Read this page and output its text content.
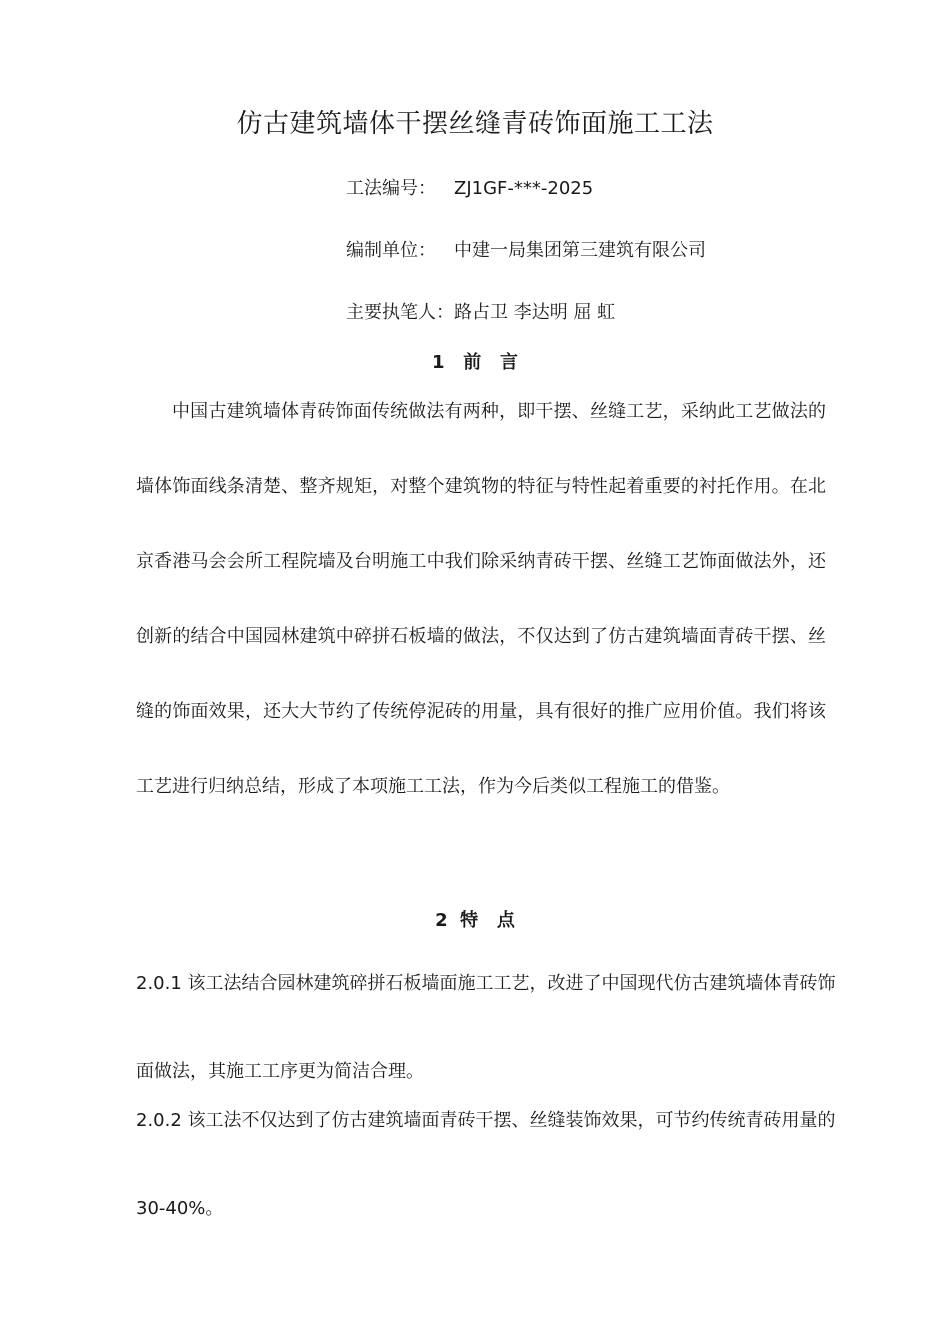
仿古建筑墙体干摆丝缝青砖饰面施工工法
工法编号： ZJ1GF-***-2025
编制单位： 中建一局集团第三建筑有限公司
主要执笔人：路占卫 李达明 屈 虹
1   前   言

中国古建筑墙体青砖饰面传统做法有两种，即干摆、丝缝工艺，采纳此工艺做法的墙体饰面线条清楚、整齐规矩，对整个建筑物的特征与特性起着重要的衬托作用。在北京香港马会会所工程院墙及台明施工中我们除采纳青砖干摆、丝缝工艺饰面做法外，还创新的结合中国园林建筑中碎拼石板墙的做法，不仅达到了仿古建筑墙面青砖干摆、丝缝的饰面效果，还大大节约了传统停泥砖的用量，具有很好的推广应用价值。我们将该工艺进行归纳总结，形成了本项施工工法，作为今后类似工程施工的借鉴。

2  特   点

2.0.1 该工法结合园林建筑碎拼石板墙面施工工艺，改进了中国现代仿古建筑墙体青砖饰面做法，其施工工序更为简洁合理。

2.0.2 该工法不仅达到了仿古建筑墙面青砖干摆、丝缝装饰效果，可节约传统青砖用量的 30-40%。
